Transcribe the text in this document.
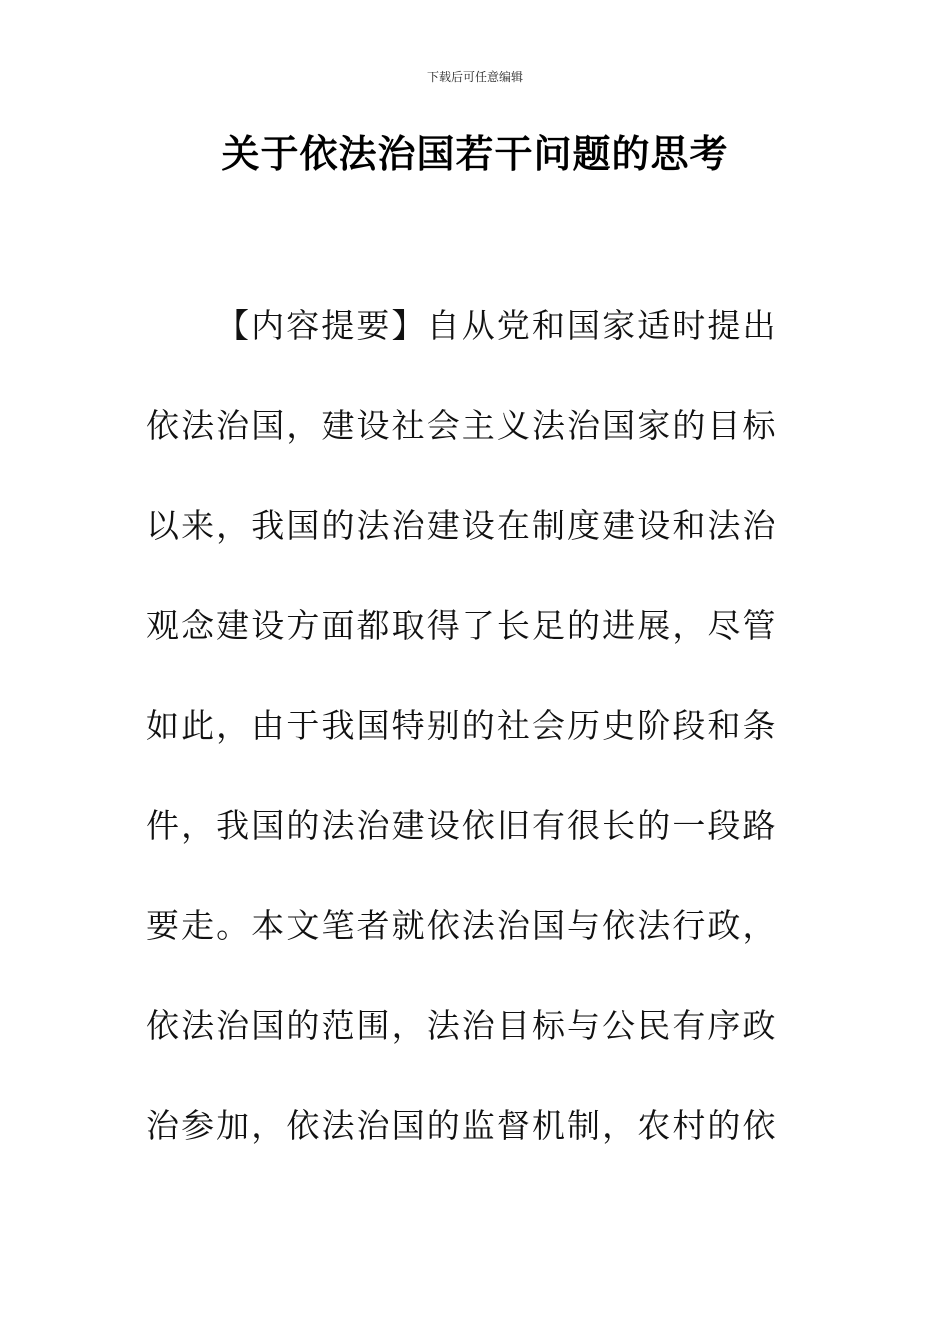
下载后可任意编辑
关于依法治国若干问题的思考
【内容提要】自从党和国家适时提出
依法治国，建设社会主义法治国家的目标
以来，我国的法治建设在制度建设和法治
观念建设方面都取得了长足的进展，尽管
如此，由于我国特别的社会历史阶段和条
件，我国的法治建设依旧有很长的一段路
要走。本文笔者就依法治国与依法行政，
依法治国的范围，法治目标与公民有序政
治参加，依法治国的监督机制，农村的依
